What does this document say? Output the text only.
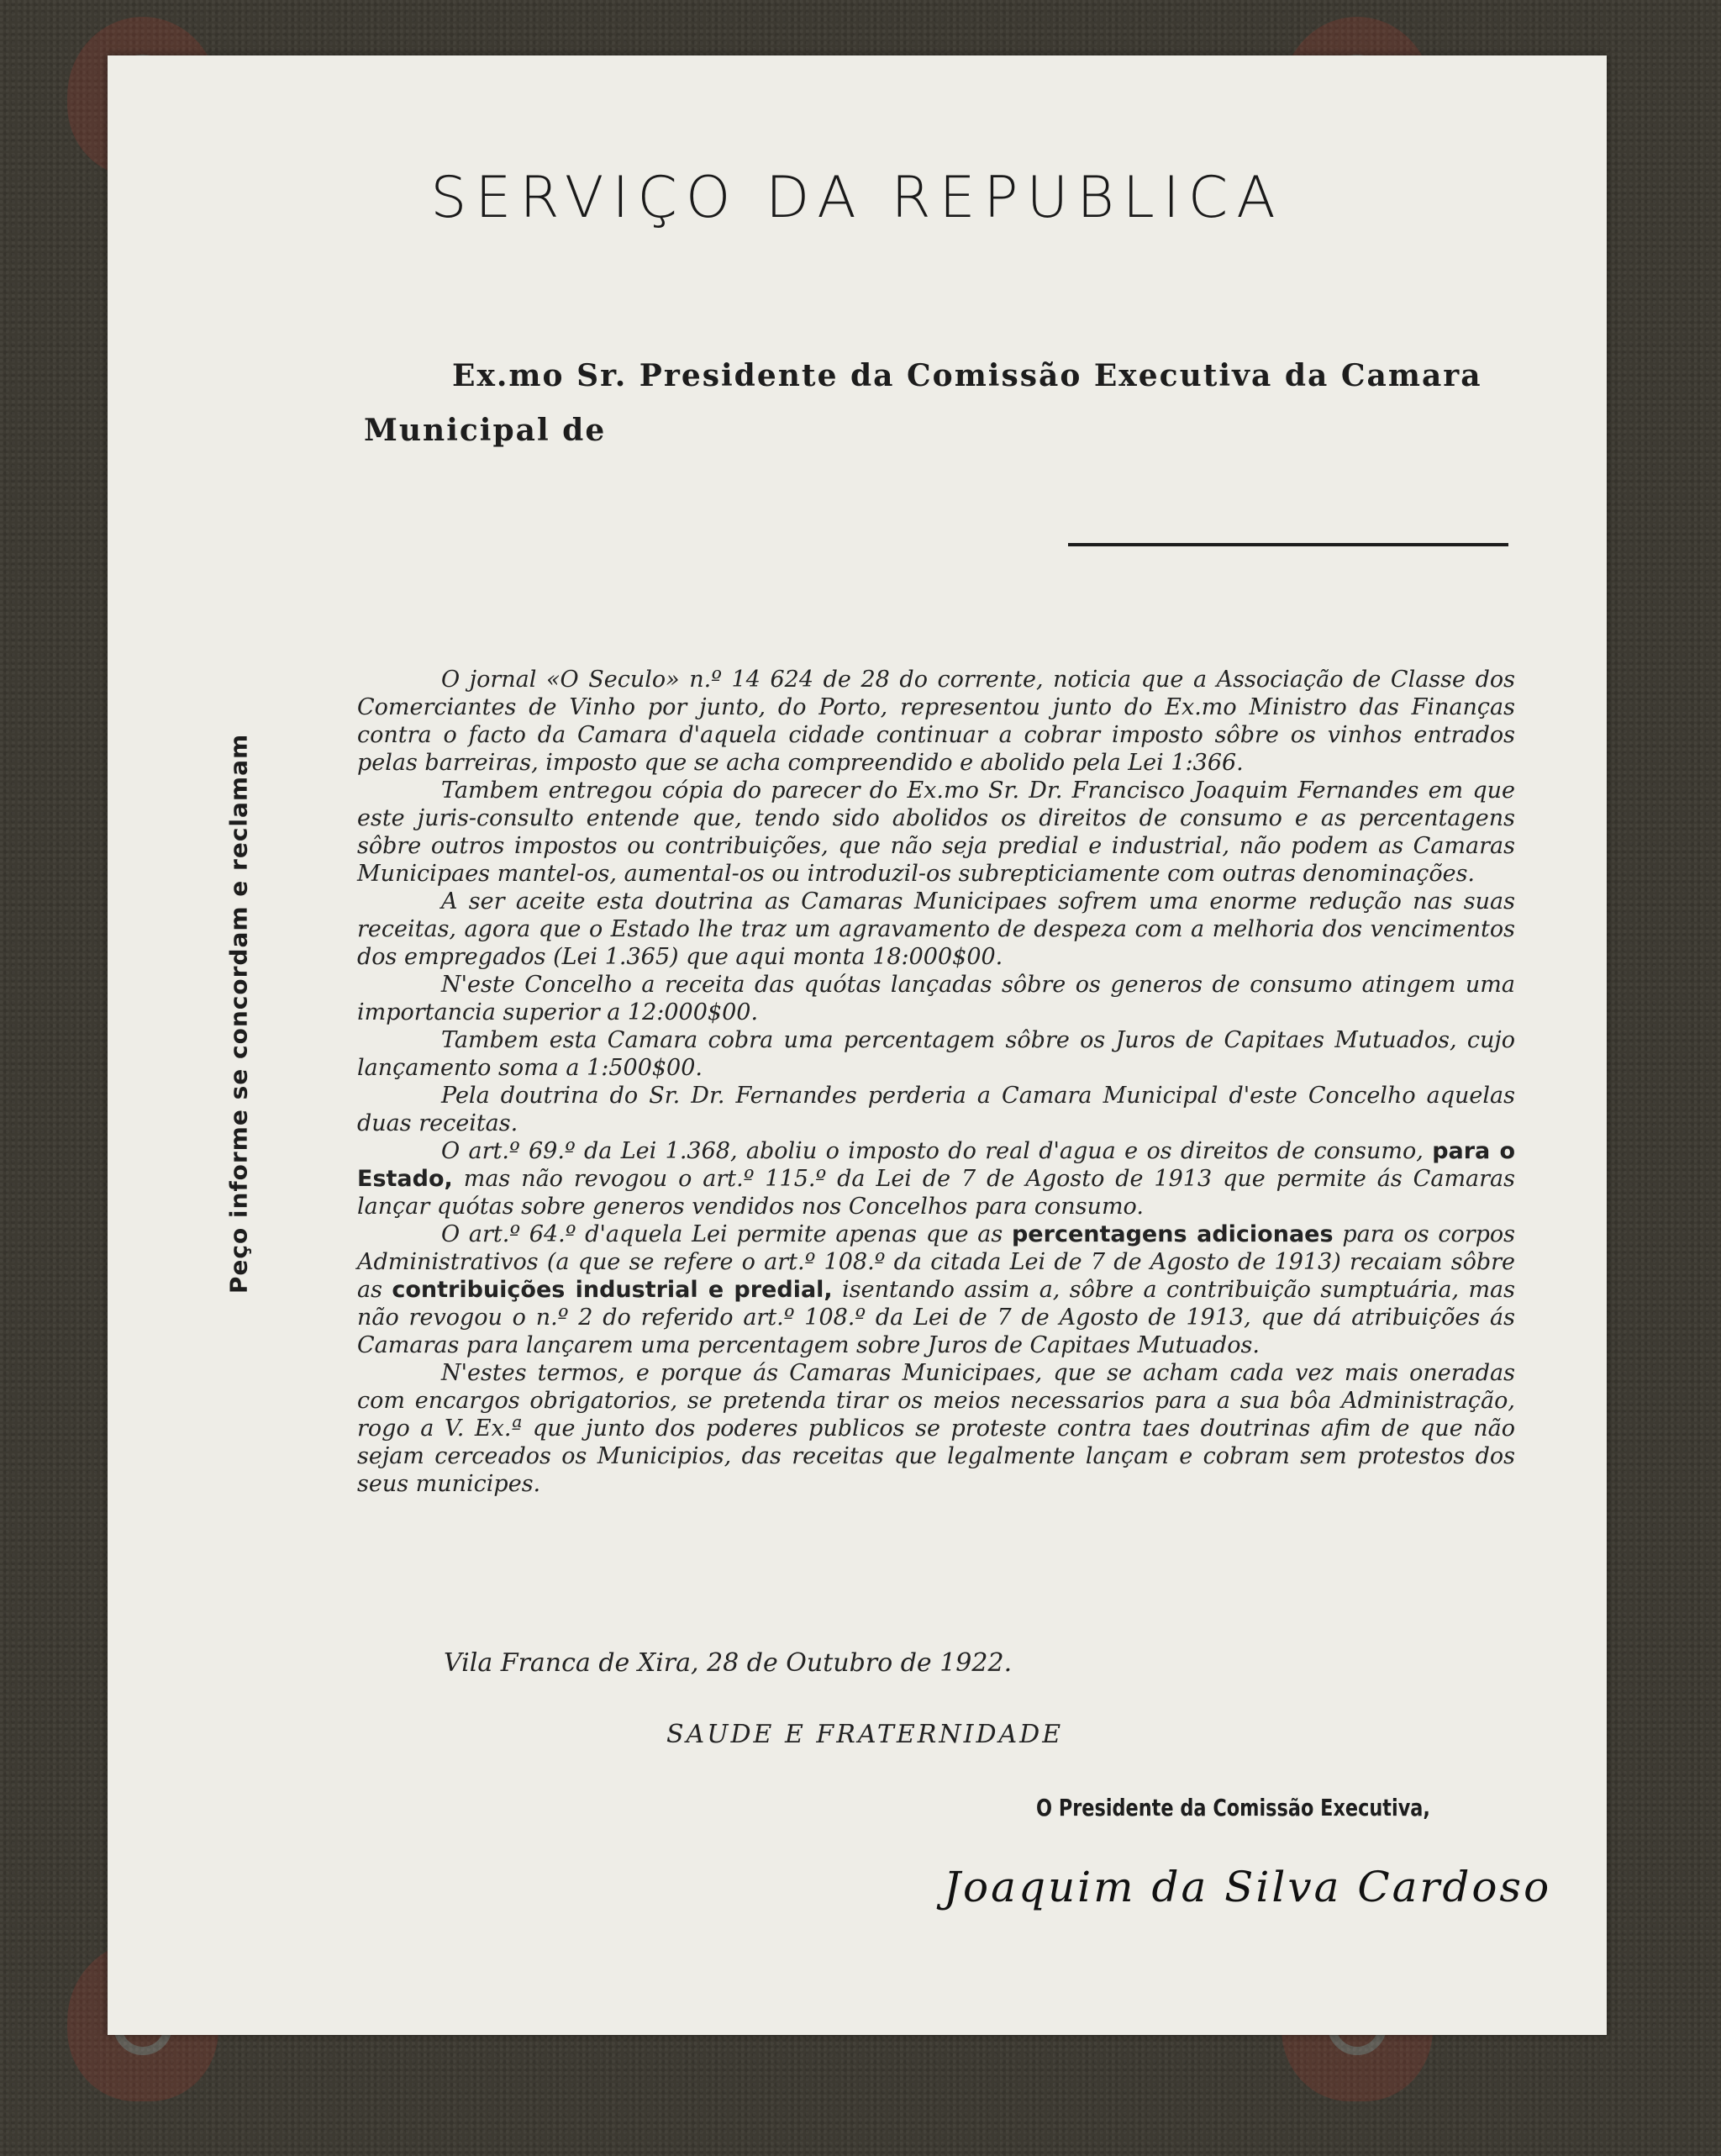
SERVIÇO DA REPUBLICA
Ex.mo Sr. Presidente da Comissão Executiva da Camara
Municipal de
Peço informe se concordam e reclamam

O jornal «O Seculo» n.º 14 624 de 28 do corrente, noticia que a Associação de Classe dos Comerciantes de Vinho por junto, do Porto, representou junto do Ex.mo Ministro das Finanças contra o facto da Camara d'aquela cidade continuar a cobrar imposto sôbre os vinhos entrados pelas barreiras, imposto que se acha compreendido e abolido pela Lei 1:366.

Tambem entregou cópia do parecer do Ex.mo Sr. Dr. Francisco Joaquim Fernandes em que este juris-consulto entende que, tendo sido abolidos os direitos de consumo e as percentagens sôbre outros impostos ou contribuições, que não seja predial e industrial, não podem as Camaras Municipaes mantel-os, aumental-os ou introduzil-os subrepticiamente com outras denominações.

A ser aceite esta doutrina as Camaras Municipaes sofrem uma enorme redução nas suas receitas, agora que o Estado lhe traz um agravamento de despeza com a melhoria dos vencimentos dos empregados (Lei 1.365) que aqui monta 18:000$00.

N'este Concelho a receita das quótas lançadas sôbre os generos de consumo atingem uma importancia superior a 12:000$00.

Tambem esta Camara cobra uma percentagem sôbre os Juros de Capitaes Mutuados, cujo lançamento soma a 1:500$00.

Pela doutrina do Sr. Dr. Fernandes perderia a Camara Municipal d'este Concelho aquelas duas receitas.

O art.º 69.º da Lei 1.368, aboliu o imposto do real d'agua e os direitos de consumo, para o Estado, mas não revogou o art.º 115.º da Lei de 7 de Agosto de 1913 que permite ás Camaras lançar quótas sobre generos vendidos nos Concelhos para consumo.

O art.º 64.º d'aquela Lei permite apenas que as percentagens adicionaes para os corpos Administrativos (a que se refere o art.º 108.º da citada Lei de 7 de Agosto de 1913) recaiam sôbre as contribuições industrial e predial, isentando assim a, sôbre a contribuição sumptuária, mas não revogou o n.º 2 do referido art.º 108.º da Lei de 7 de Agosto de 1913, que dá atribuições ás Camaras para lançarem uma percentagem sobre Juros de Capitaes Mutuados.

N'estes termos, e porque ás Camaras Municipaes, que se acham cada vez mais oneradas com encargos obrigatorios, se pretenda tirar os meios necessarios para a sua bôa Administração, rogo a V. Ex.ª que junto dos poderes publicos se proteste contra taes doutrinas afim de que não sejam cerceados os Municipios, das receitas que legalmente lançam e cobram sem protestos dos seus municipes.

Vila Franca de Xira, 28 de Outubro de 1922.
SAUDE E FRATERNIDADE
O Presidente da Comissão Executiva,
Joaquim da Silva Cardoso
